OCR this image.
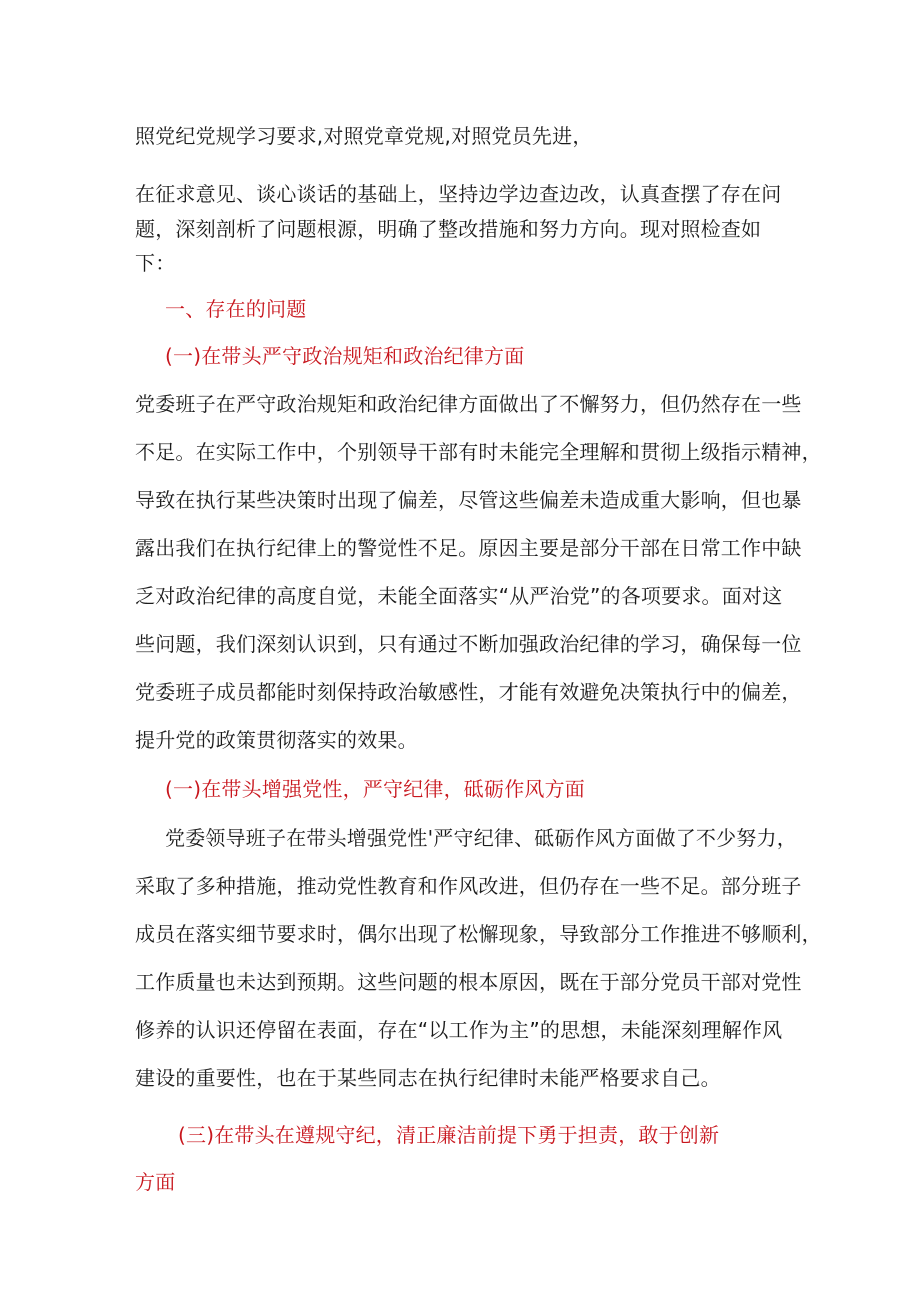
照党纪党规学习要求,对照党章党规,对照党员先进，
在征求意见、谈心谈话的基础上，坚持边学边查边改，认真查摆了存在问
题，深刻剖析了问题根源，明确了整改措施和努力方向。现对照检查如
下：
一、存在的问题
(一)在带头严守政治规矩和政治纪律方面
党委班子在严守政治规矩和政治纪律方面做出了不懈努力，但仍然存在一些
不足。在实际工作中，个别领导干部有时未能完全理解和贯彻上级指示精神，
导致在执行某些决策时出现了偏差，尽管这些偏差未造成重大影响，但也暴
露出我们在执行纪律上的警觉性不足。原因主要是部分干部在日常工作中缺
乏对政治纪律的高度自觉，未能全面落实“从严治党”的各项要求。面对这
些问题，我们深刻认识到，只有通过不断加强政治纪律的学习，确保每一位
党委班子成员都能时刻保持政治敏感性，才能有效避免决策执行中的偏差，
提升党的政策贯彻落实的效果。
(一)在带头增强党性，严守纪律，砥砺作风方面
党委领导班子在带头增强党性'严守纪律、砥砺作风方面做了不少努力，
采取了多种措施，推动党性教育和作风改进，但仍存在一些不足。部分班子
成员在落实细节要求时，偶尔出现了松懈现象，导致部分工作推进不够顺利，
工作质量也未达到预期。这些问题的根本原因，既在于部分党员干部对党性
修养的认识还停留在表面，存在“以工作为主”的思想，未能深刻理解作风
建设的重要性，也在于某些同志在执行纪律时未能严格要求自己。
(三)在带头在遵规守纪，清正廉洁前提下勇于担责，敢于创新
方面
